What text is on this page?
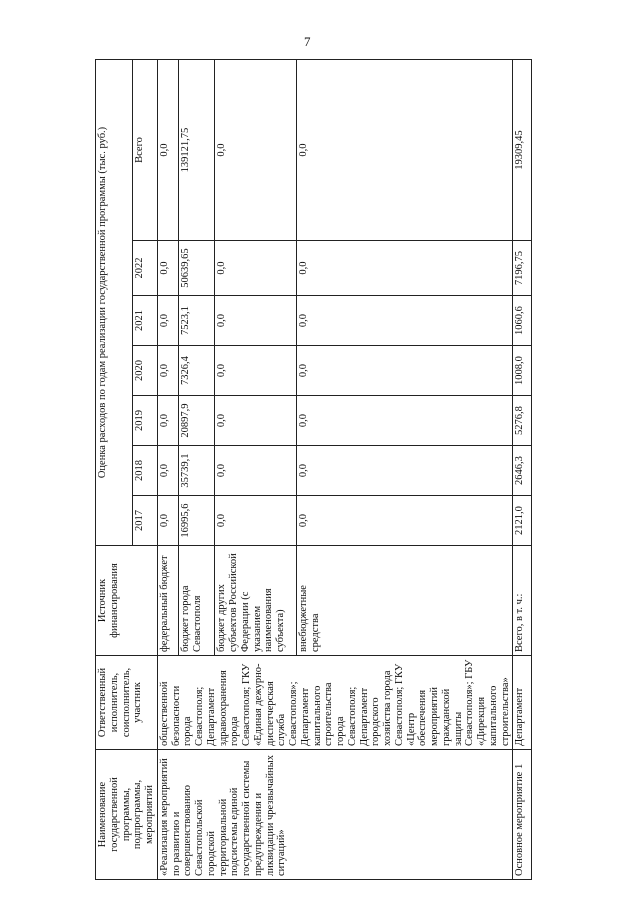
7
Наименование государственной программы, подпрограммы, мероприятий	Ответственный исполнитель, соисполнитель, участник	Источник финансирования	Оценка расходов по годам реализации государственной программы (тыс. руб.)						
			2017	2018	2019	2020	2021	2022	Всего
«Реализация мероприятий по развитию и совершенствованию Севастопольской городской территориальной подсистемы единой государственной системы предупреждения и ликвидации чрезвычайных ситуаций»	общественной безопасности города Севастополя; Департамент здравоохранения города Севастополя; ГКУ «Единая дежурно-диспетчерская служба Севастополя»; Департамент капитального строительства города Севастополя; Департамент городского хозяйства города Севастополя; ГКУ «Центр обеспечения мероприятий гражданской защиты Севастополя»; ГБУ «Дирекция капитального строительства»	федеральный бюджет	0,0	0,0	0,0	0,0	0,0	0,0	0,0
		бюджет города Севастополя	16995,6	35739,1	20897,9	7326,4	7523,1	50639,65	139121,75
		бюджет других субъектов Российской Федерации (с указанием наименования субъекта)	0,0	0,0	0,0	0,0	0,0	0,0	0,0
		внебюджетные средства	0,0	0,0	0,0	0,0	0,0	0,0	0,0
Основное мероприятие 1	Департамент	Всего, в т. ч.:	2121,0	2646,3	5276,8	1008,0	1060,6	7196,75	19309,45
